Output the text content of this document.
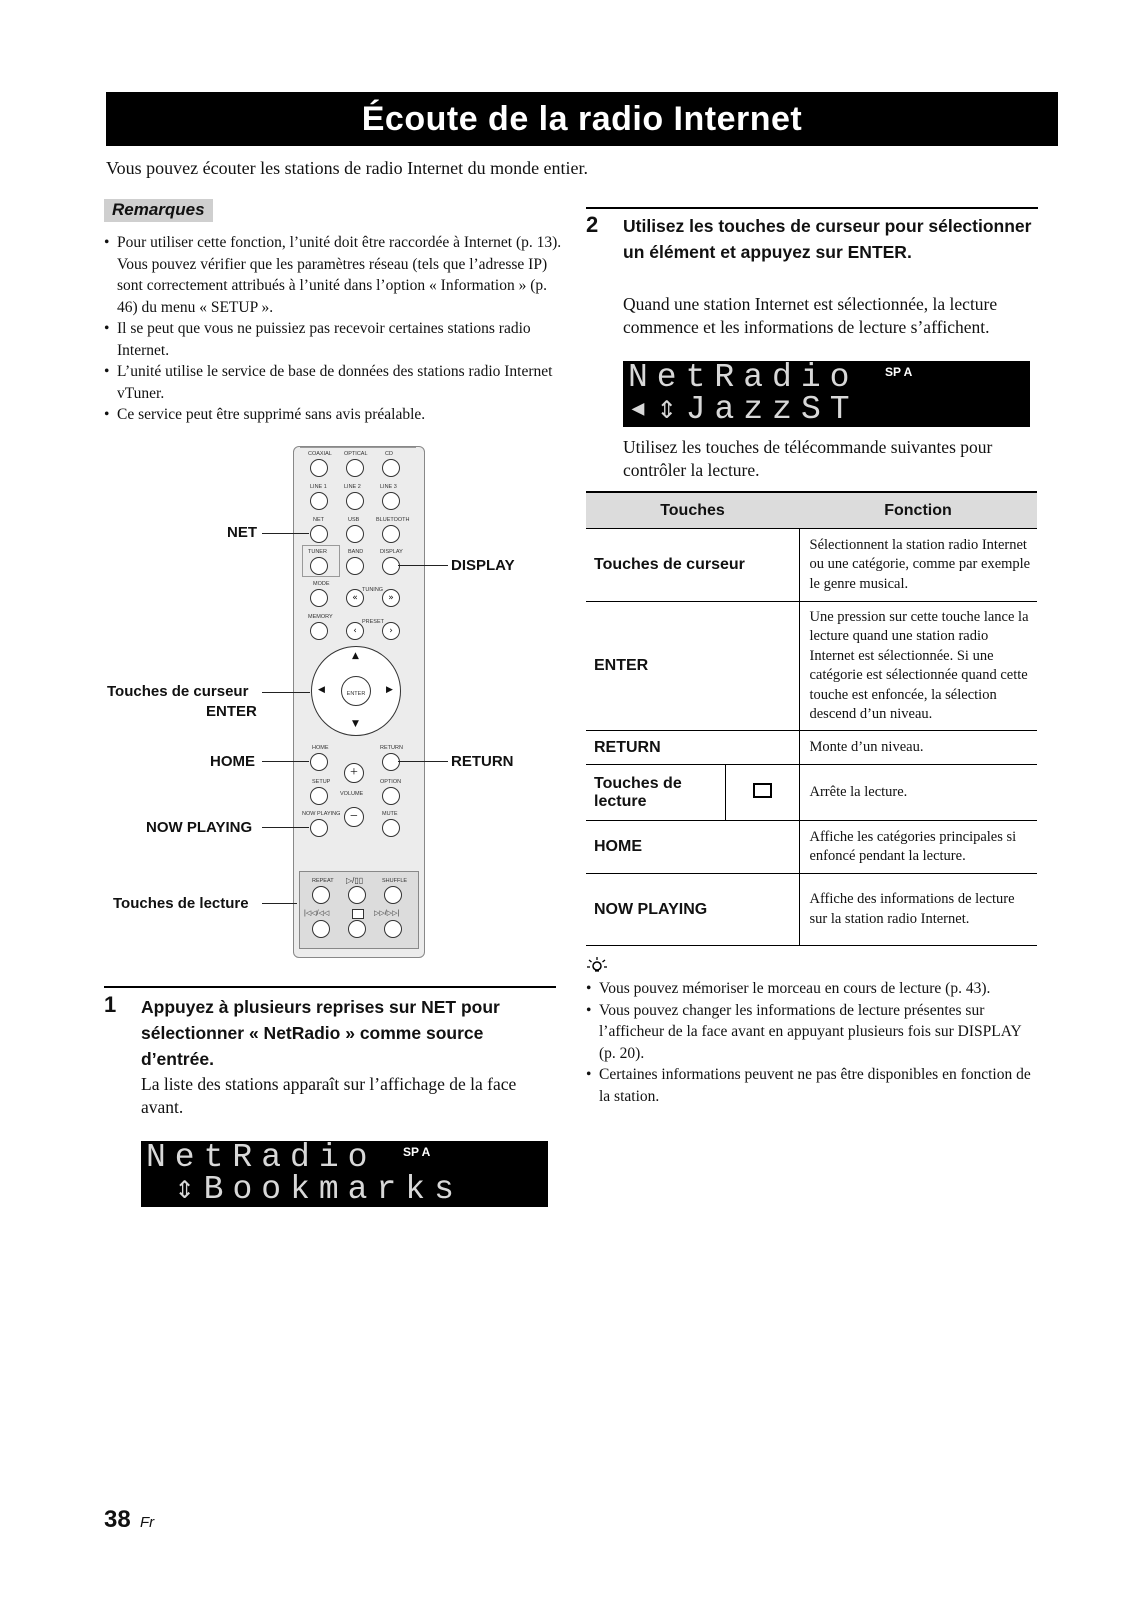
Écoute de la radio Internet
Vous pouvez écouter les stations de radio Internet du monde entier.
Remarques
• Pour utiliser cette fonction, l’unité doit être raccordée à Internet (p. 13). Vous pouvez vérifier que les paramètres réseau (tels que l’adresse IP) sont correctement attribués à l’unité dans l’option « Information » (p. 46) du menu « SETUP ».
• Il se peut que vous ne puissiez pas recevoir certaines stations radio Internet.
• L’unité utilise le service de base de données des stations radio Internet vTuner.
• Ce service peut être supprimé sans avis préalable.
COAXIAL OPTICAL	CD
LINE 1	LINE 2	LINE 3
NET	USB	BLUETOOTH
TUNER	BAND	DISPLAY
MODE
TUNING
«	»
MEMORY
PRESET
‹	›
▲
▼
◀	▶
ENTER
HOME	RETURN
+
SETUP	OPTION
VOLUME
NOW PLAYING	MUTE
−
REPEAT ▷/▯▯	SHUFFLE
|◁◁/◁◁	▷▷/▷▷|
NET
DISPLAY
Touches de curseur
ENTER
HOME	RETURN
NOW PLAYING
Touches de lecture
1 Appuyez à plusieurs reprises sur NET pour sélectionner « NetRadio » comme source d’entrée.
La liste des stations apparaît sur l’affichage de la face avant.
NetRadio
⇕Bookmarks
SP A
2 Utilisez les touches de curseur pour sélectionner un élément et appuyez sur ENTER.
Quand une station Internet est sélectionnée, la lecture commence et les informations de lecture s’affichent.
NetRadio
◂⇕JazzST
SP A
Utilisez les touches de télécommande suivantes pour contrôler la lecture.
Touches		Fonction
Touches de curseur		Sélectionnent la station radio Internet ou une catégorie, comme par exemple le genre musical.
ENTER		Une pression sur cette touche lance la lecture quand une station radio Internet est sélectionnée. Si une catégorie est sélectionnée quand cette touche est enfoncée, la sélection descend d’un niveau.
RETURN		Monte d’un niveau.
Touches de lecture		Arrête la lecture.
HOME		Affiche les catégories principales si enfoncé pendant la lecture.
NOW PLAYING		Affiche des informations de lecture sur la station radio Internet.
• Vous pouvez mémoriser le morceau en cours de lecture (p. 43).
• Vous pouvez changer les informations de lecture présentes sur l’afficheur de la face avant en appuyant plusieurs fois sur DISPLAY (p. 20).
• Certaines informations peuvent ne pas être disponibles en fonction de la station.
38 Fr
